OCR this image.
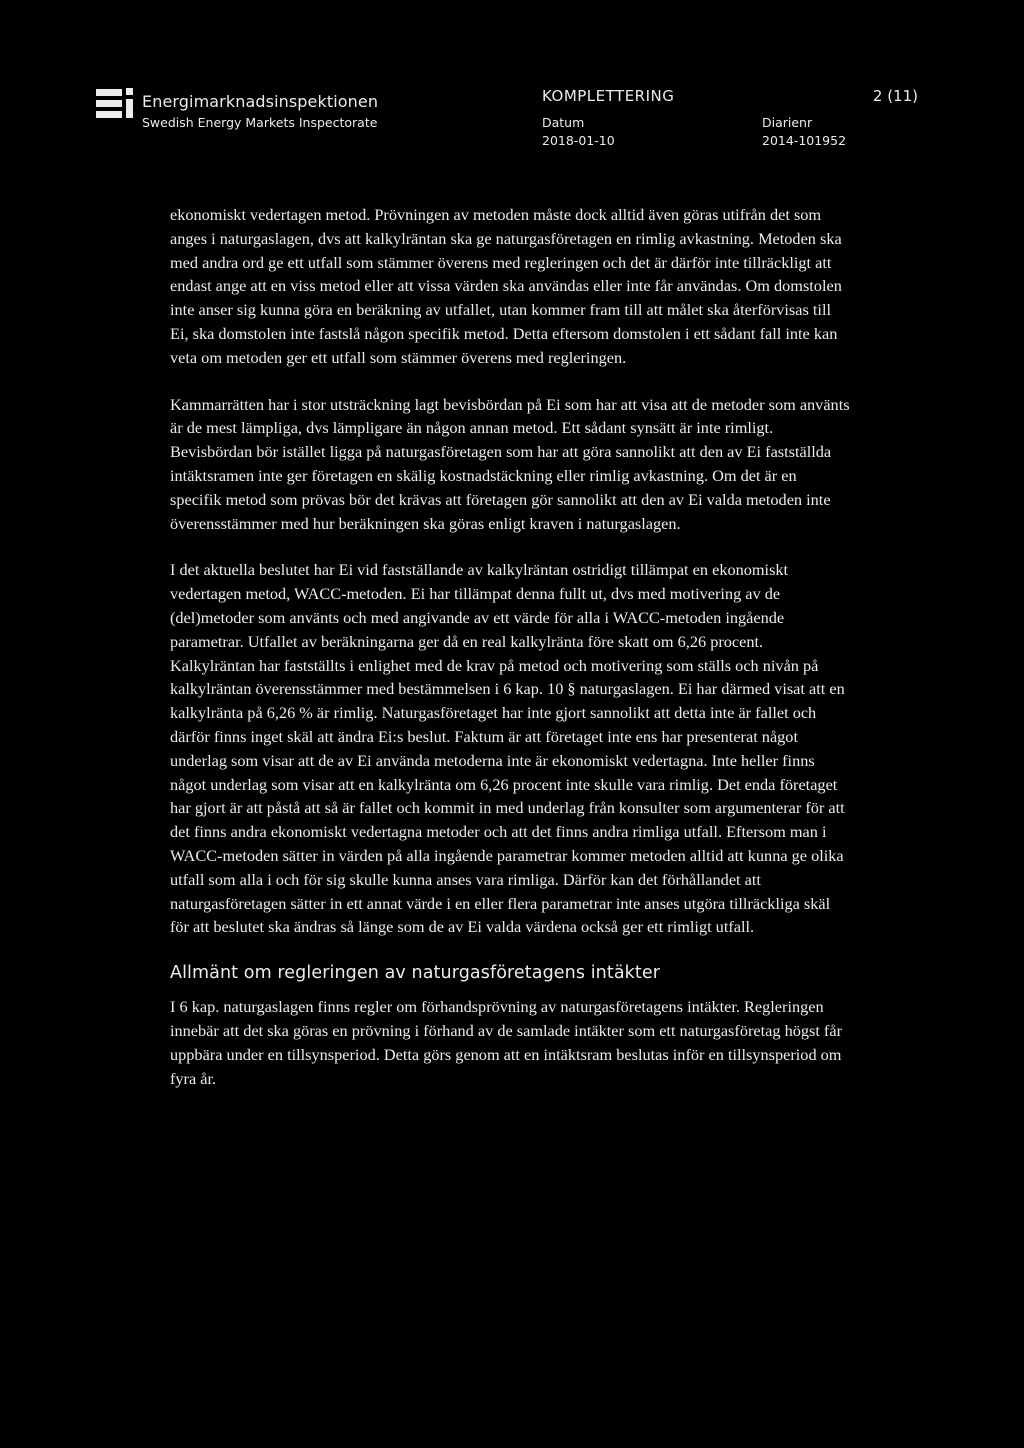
Energimarknadsinspektionen
Swedish Energy Markets Inspectorate
KOMPLETTERING	2 (11)
Datum
2018-01-10
Diarienr
2014-101952

ekonomiskt vedertagen metod. Prövningen av metoden måste dock alltid även göras utifrån det som anges i naturgaslagen, dvs att kalkylräntan ska ge naturgasföretagen en rimlig avkastning. Metoden ska med andra ord ge ett utfall som stämmer överens med regleringen och det är därför inte tillräckligt att endast ange att en viss metod eller att vissa värden ska användas eller inte får användas. Om domstolen inte anser sig kunna göra en beräkning av utfallet, utan kommer fram till att målet ska återförvisas till Ei, ska domstolen inte fastslå någon specifik metod. Detta eftersom domstolen i ett sådant fall inte kan veta om metoden ger ett utfall som stämmer överens med regleringen.

Kammarrätten har i stor utsträckning lagt bevisbördan på Ei som har att visa att de metoder som använts är de mest lämpliga, dvs lämpligare än någon annan metod. Ett sådant synsätt är inte rimligt. Bevisbördan bör istället ligga på naturgasföretagen som har att göra sannolikt att den av Ei fastställda intäktsramen inte ger företagen en skälig kostnadstäckning eller rimlig avkastning. Om det är en specifik metod som prövas bör det krävas att företagen gör sannolikt att den av Ei valda metoden inte överensstämmer med hur beräkningen ska göras enligt kraven i naturgaslagen.

I det aktuella beslutet har Ei vid fastställande av kalkylräntan ostridigt tillämpat en ekonomiskt vedertagen metod, WACC-metoden. Ei har tillämpat denna fullt ut, dvs med motivering av de (del)metoder som använts och med angivande av ett värde för alla i WACC-metoden ingående parametrar. Utfallet av beräkningarna ger då en real kalkylränta före skatt om 6,26 procent. Kalkylräntan har fastställts i enlighet med de krav på metod och motivering som ställs och nivån på kalkylräntan överensstämmer med bestämmelsen i 6 kap. 10 § naturgaslagen. Ei har därmed visat att en kalkylränta på 6,26 % är rimlig. Naturgasföretaget har inte gjort sannolikt att detta inte är fallet och därför finns inget skäl att ändra Ei:s beslut. Faktum är att företaget inte ens har presenterat något underlag som visar att de av Ei använda metoderna inte är ekonomiskt vedertagna. Inte heller finns något underlag som visar att en kalkylränta om 6,26 procent inte skulle vara rimlig. Det enda företaget har gjort är att påstå att så är fallet och kommit in med underlag från konsulter som argumenterar för att det finns andra ekonomiskt vedertagna metoder och att det finns andra rimliga utfall. Eftersom man i WACC-metoden sätter in värden på alla ingående parametrar kommer metoden alltid att kunna ge olika utfall som alla i och för sig skulle kunna anses vara rimliga. Därför kan det förhållandet att naturgasföretagen sätter in ett annat värde i en eller flera parametrar inte anses utgöra tillräckliga skäl för att beslutet ska ändras så länge som de av Ei valda värdena också ger ett rimligt utfall.

Allmänt om regleringen av naturgasföretagens intäkter

I 6 kap. naturgaslagen finns regler om förhandsprövning av naturgasföretagens intäkter. Regleringen innebär att det ska göras en prövning i förhand av de samlade intäkter som ett naturgasföretag högst får uppbära under en tillsynsperiod. Detta görs genom att en intäktsram beslutas inför en tillsynsperiod om fyra år.
